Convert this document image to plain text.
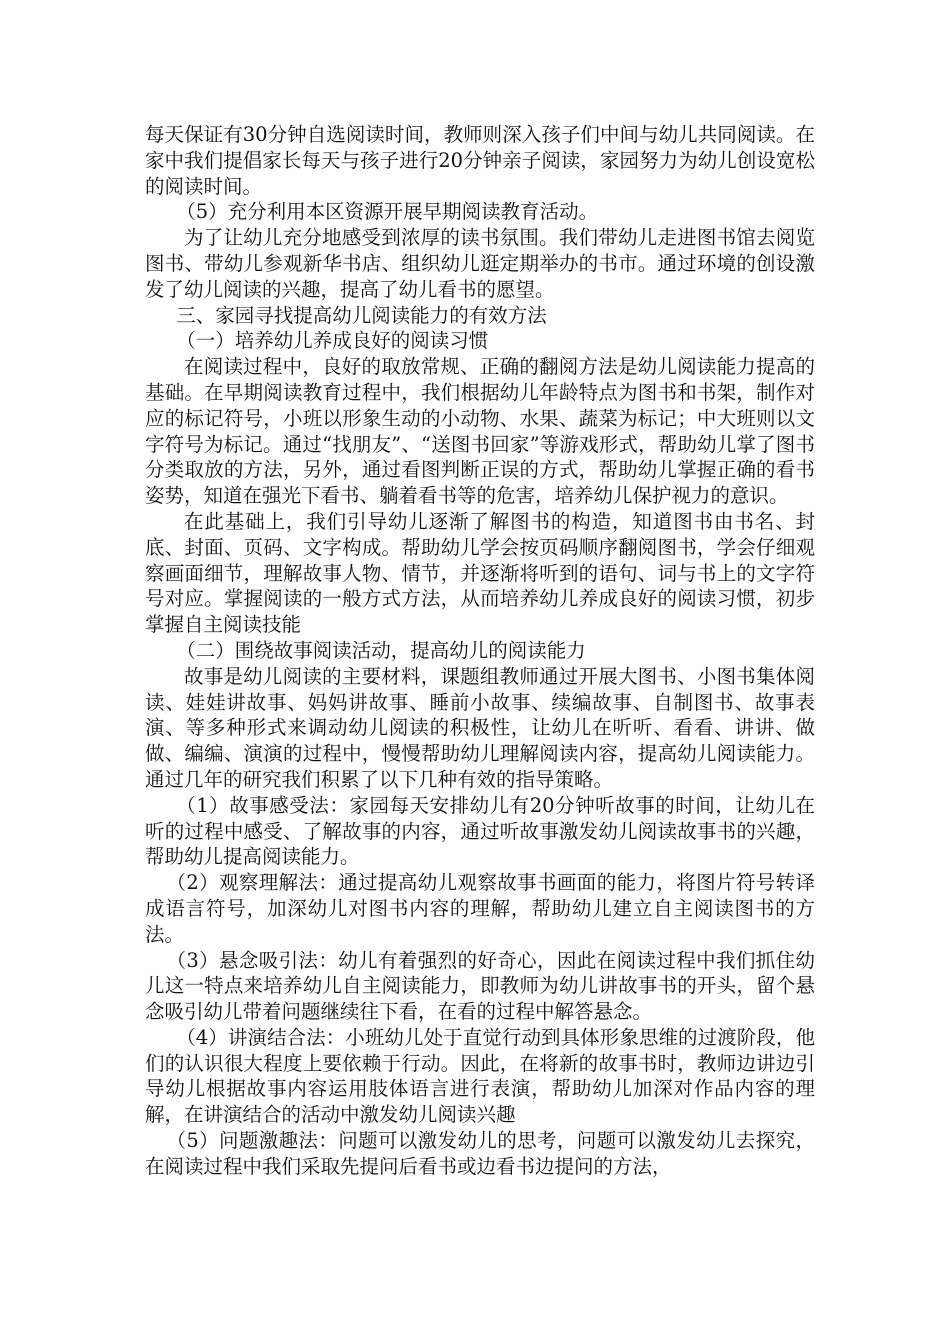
每天保证有30分钟自选阅读时间，教师则深入孩子们中间与幼儿共同阅读。在家中我们提倡家长每天与孩子进行20分钟亲子阅读，家园努力为幼儿创设宽松的阅读时间。

（5）充分利用本区资源开展早期阅读教育活动。

为了让幼儿充分地感受到浓厚的读书氛围。我们带幼儿走进图书馆去阅览图书、带幼儿参观新华书店、组织幼儿逛定期举办的书市。通过环境的创设激发了幼儿阅读的兴趣，提高了幼儿看书的愿望。

三、家园寻找提高幼儿阅读能力的有效方法

（一）培养幼儿养成良好的阅读习惯

在阅读过程中，良好的取放常规、正确的翻阅方法是幼儿阅读能力提高的基础。在早期阅读教育过程中，我们根据幼儿年龄特点为图书和书架，制作对应的标记符号，小班以形象生动的小动物、水果、蔬菜为标记；中大班则以文字符号为标记。通过“找朋友”、“送图书回家”等游戏形式，帮助幼儿掌了图书分类取放的方法，另外，通过看图判断正误的方式，帮助幼儿掌握正确的看书姿势，知道在强光下看书、躺着看书等的危害，培养幼儿保护视力的意识。

在此基础上，我们引导幼儿逐渐了解图书的构造，知道图书由书名、封底、封面、页码、文字构成。帮助幼儿学会按页码顺序翻阅图书，学会仔细观察画面细节，理解故事人物、情节，并逐渐将听到的语句、词与书上的文字符号对应。掌握阅读的一般方式方法，从而培养幼儿养成良好的阅读习惯，初步掌握自主阅读技能

（二）围绕故事阅读活动，提高幼儿的阅读能力

故事是幼儿阅读的主要材料，课题组教师通过开展大图书、小图书集体阅读、娃娃讲故事、妈妈讲故事、睡前小故事、续编故事、自制图书、故事表演、等多种形式来调动幼儿阅读的积极性，让幼儿在听听、看看、讲讲、做做、编编、演演的过程中，慢慢帮助幼儿理解阅读内容，提高幼儿阅读能力。通过几年的研究我们积累了以下几种有效的指导策略。

（1）故事感受法：家园每天安排幼儿有20分钟听故事的时间，让幼儿在听的过程中感受、了解故事的内容，通过听故事激发幼儿阅读故事书的兴趣，帮助幼儿提高阅读能力。

（2）观察理解法：通过提高幼儿观察故事书画面的能力，将图片符号转译成语言符号，加深幼儿对图书内容的理解，帮助幼儿建立自主阅读图书的方法。

（3）悬念吸引法：幼儿有着强烈的好奇心，因此在阅读过程中我们抓住幼儿这一特点来培养幼儿自主阅读能力，即教师为幼儿讲故事书的开头，留个悬念吸引幼儿带着问题继续往下看，在看的过程中解答悬念。

（4）讲演结合法：小班幼儿处于直觉行动到具体形象思维的过渡阶段，他们的认识很大程度上要依赖于行动。因此，在将新的故事书时，教师边讲边引导幼儿根据故事内容运用肢体语言进行表演，帮助幼儿加深对作品内容的理解，在讲演结合的活动中激发幼儿阅读兴趣

（5）问题激趣法：问题可以激发幼儿的思考，问题可以激发幼儿去探究，在阅读过程中我们采取先提问后看书或边看书边提问的方法，
